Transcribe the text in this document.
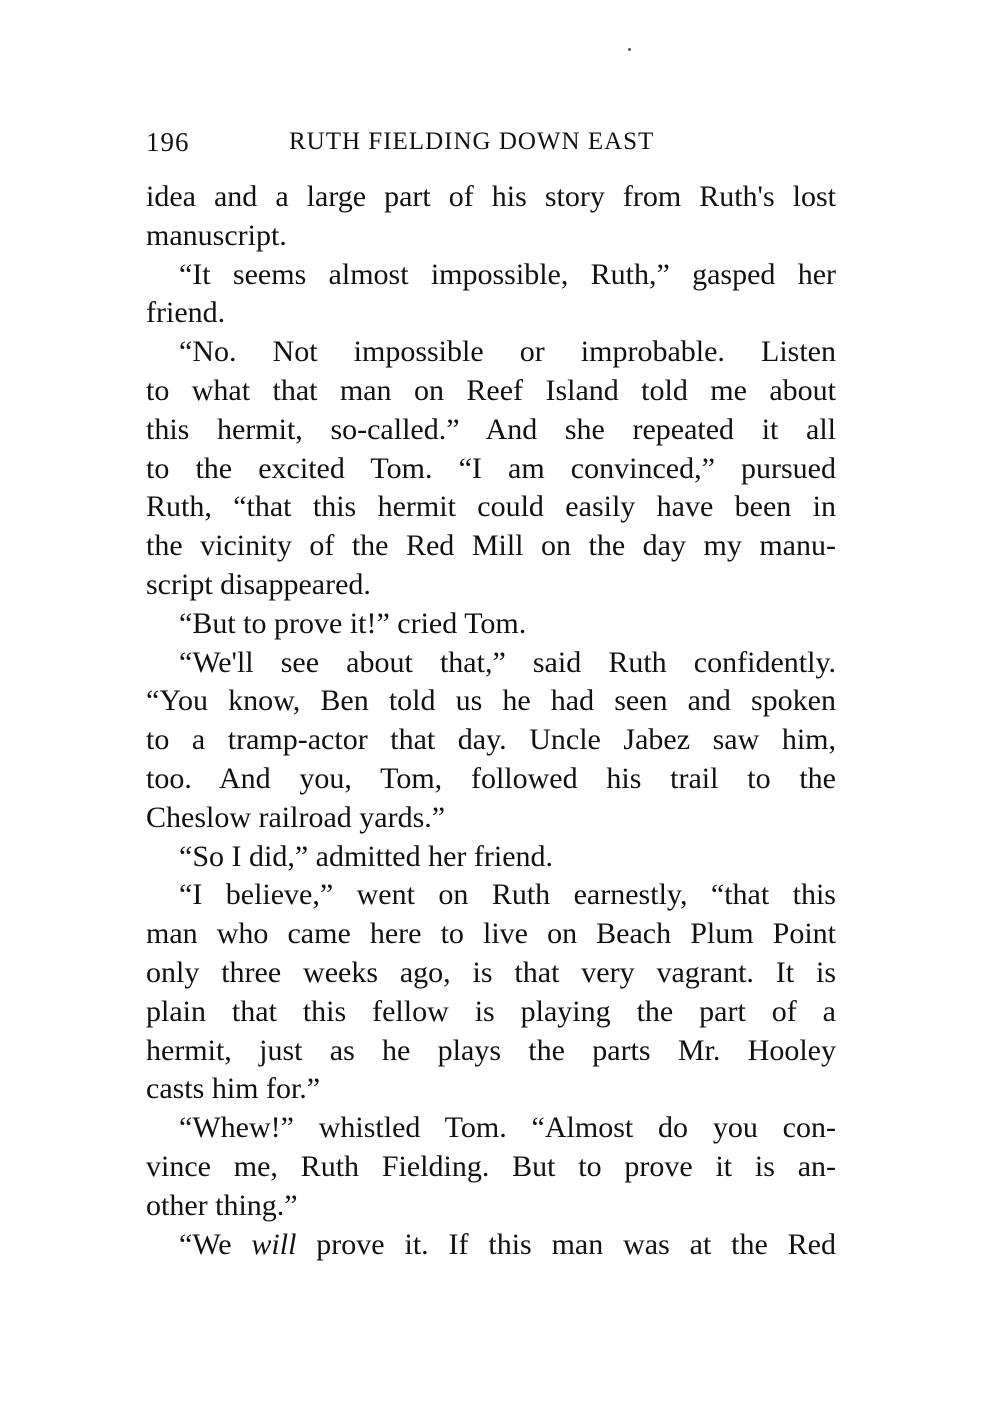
196	RUTH FIELDING DOWN EAST
idea and a large part of his story from Ruth's lost
manuscript.
“It seems almost impossible, Ruth,” gasped her
friend.
“No. Not impossible or improbable. Listen
to what that man on Reef Island told me about
this hermit, so-called.” And she repeated it all
to the excited Tom. “I am convinced,” pursued
Ruth, “that this hermit could easily have been in
the vicinity of the Red Mill on the day my manu-
script disappeared.
“But to prove it!” cried Tom.
“We'll see about that,” said Ruth confidently.
“You know, Ben told us he had seen and spoken
to a tramp-actor that day. Uncle Jabez saw him,
too. And you, Tom, followed his trail to the
Cheslow railroad yards.”
“So I did,” admitted her friend.
“I believe,” went on Ruth earnestly, “that this
man who came here to live on Beach Plum Point
only three weeks ago, is that very vagrant. It is
plain that this fellow is playing the part of a
hermit, just as he plays the parts Mr. Hooley
casts him for.”
“Whew!” whistled Tom. “Almost do you con-
vince me, Ruth Fielding. But to prove it is an-
other thing.”
“We will prove it. If this man was at the Red
